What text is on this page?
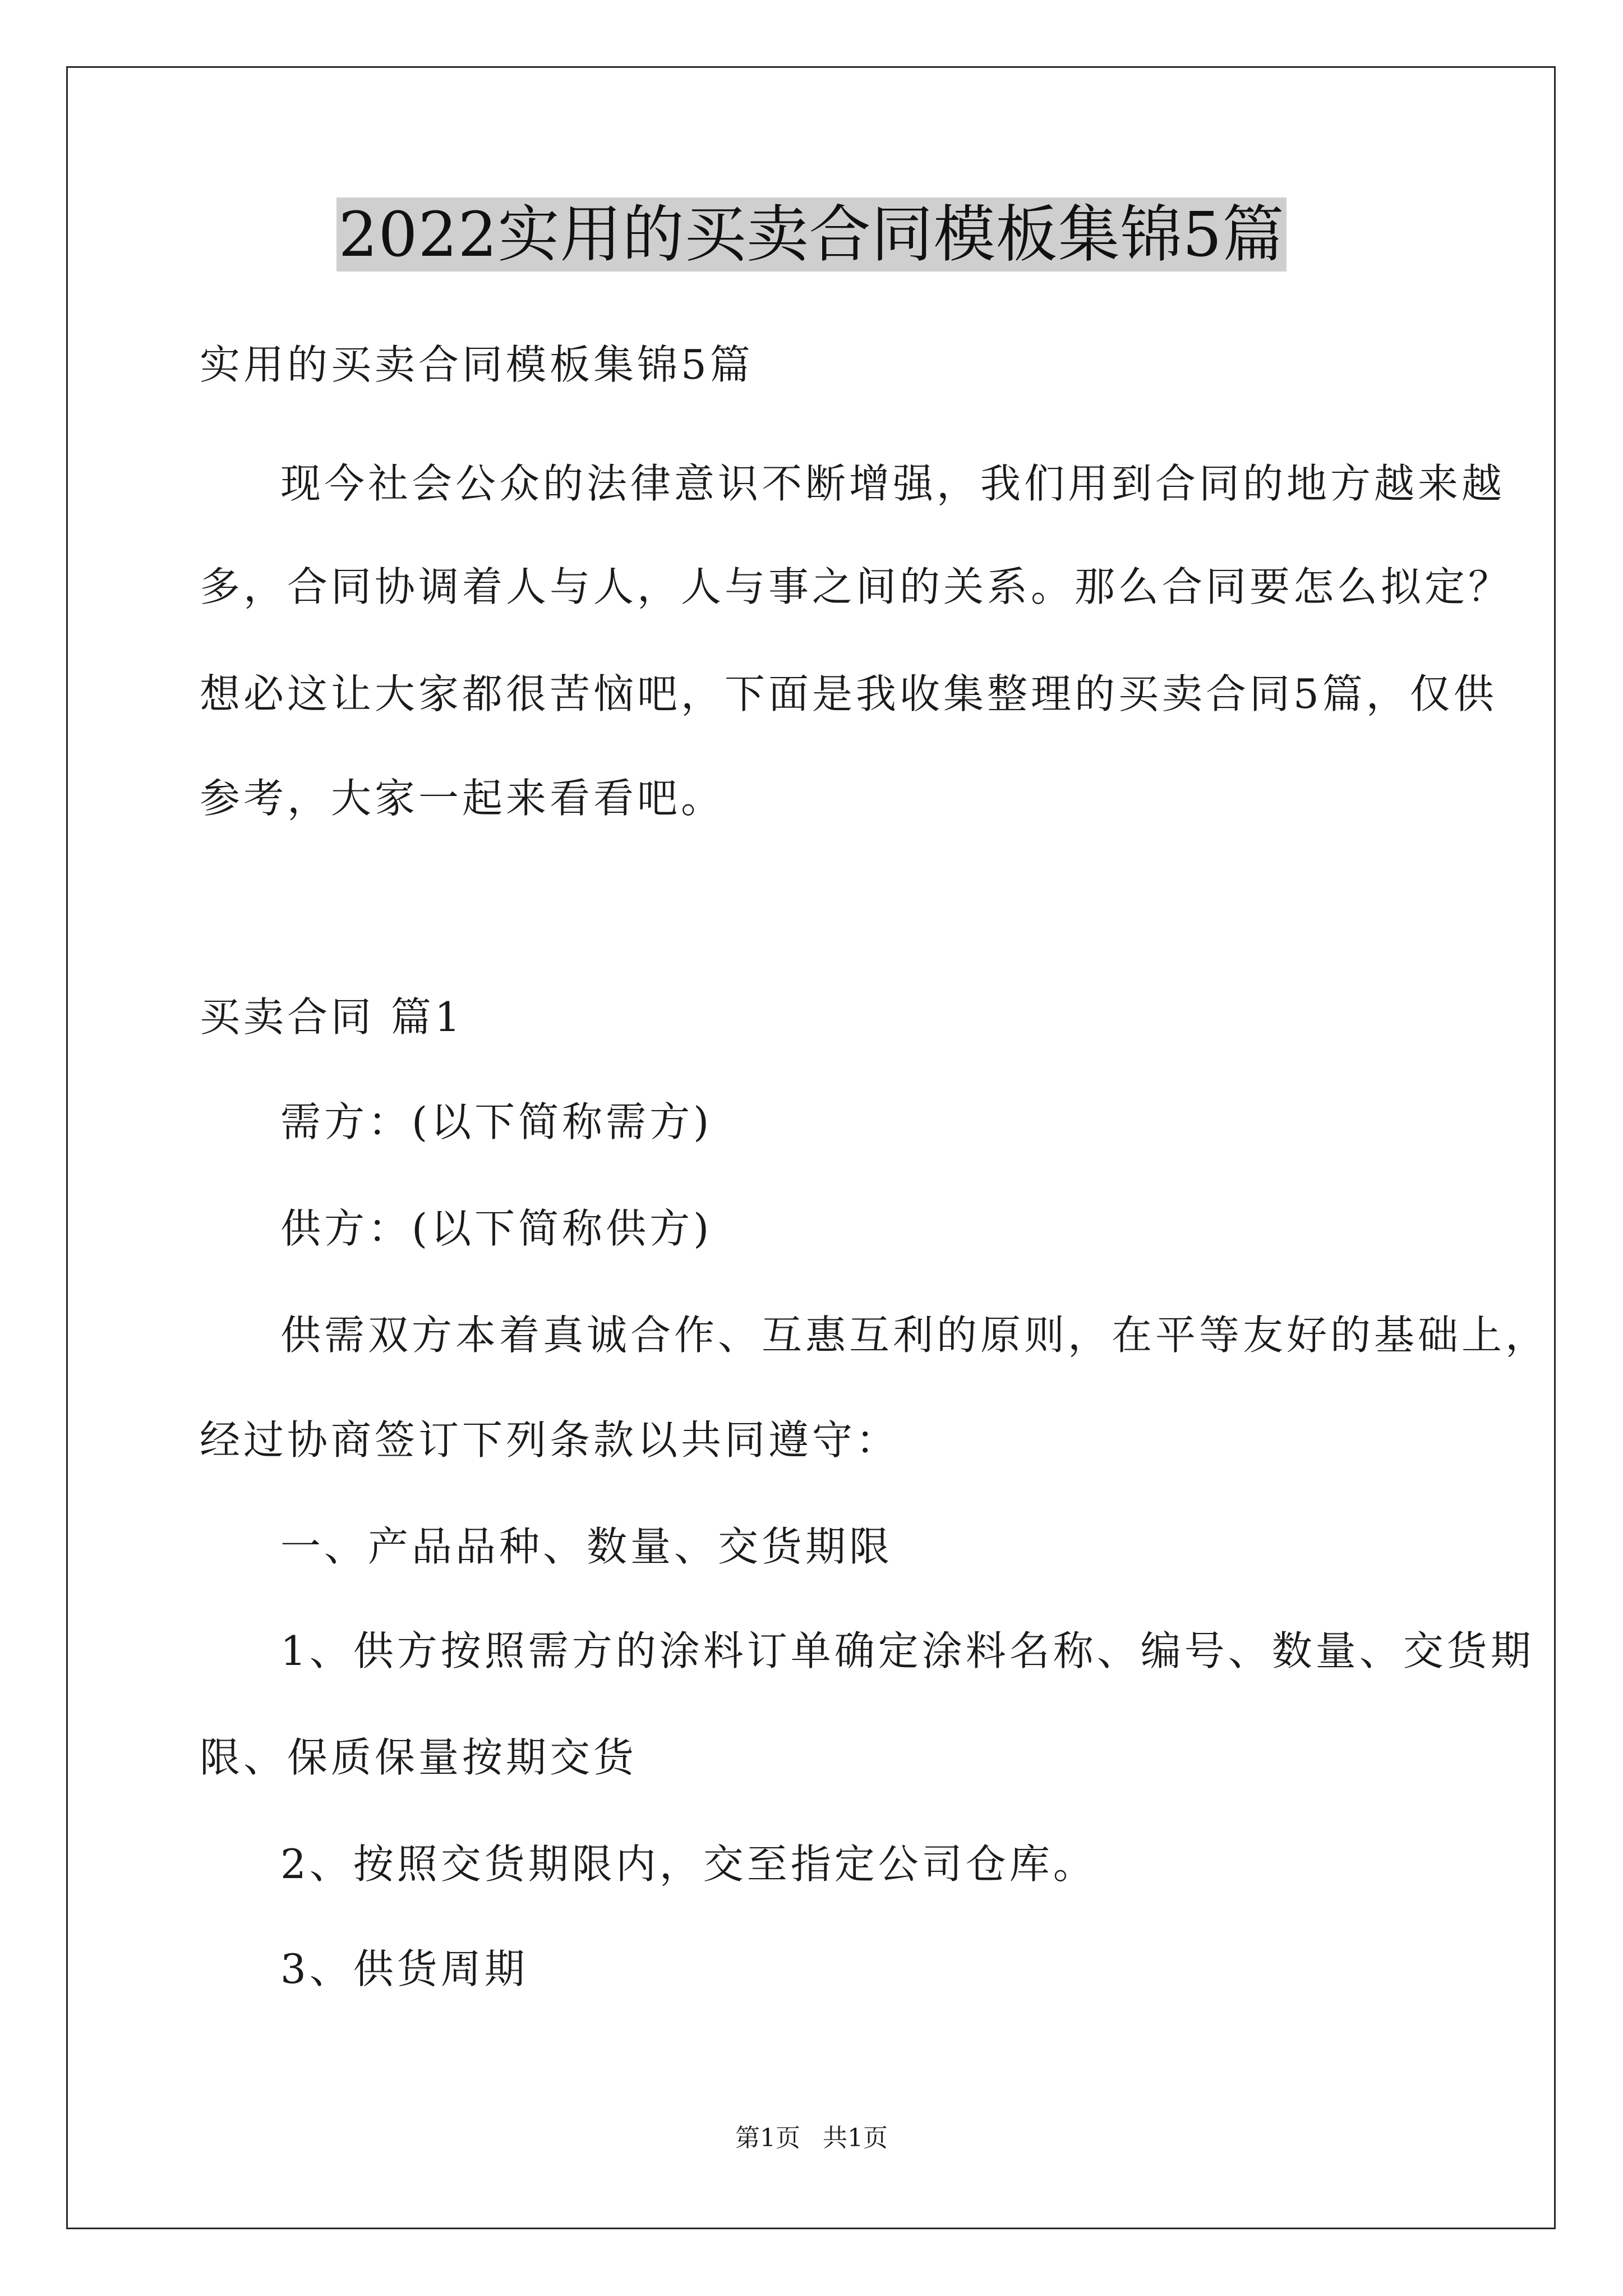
2022实用的买卖合同模板集锦5篇
实用的买卖合同模板集锦5篇
现今社会公众的法律意识不断增强，我们用到合同的地方越来越
多，合同协调着人与人，人与事之间的关系。那么合同要怎么拟定？
想必这让大家都很苦恼吧，下面是我收集整理的买卖合同5篇，仅供
参考，大家一起来看看吧。
买卖合同 篇1
需方：(以下简称需方)
供方：(以下简称供方)
供需双方本着真诚合作、互惠互利的原则，在平等友好的基础上，
经过协商签订下列条款以共同遵守：
一、产品品种、数量、交货期限
1、供方按照需方的涂料订单确定涂料名称、编号、数量、交货期
限、保质保量按期交货
2、按照交货期限内，交至指定公司仓库。
3、供货周期
第1页 共1页
